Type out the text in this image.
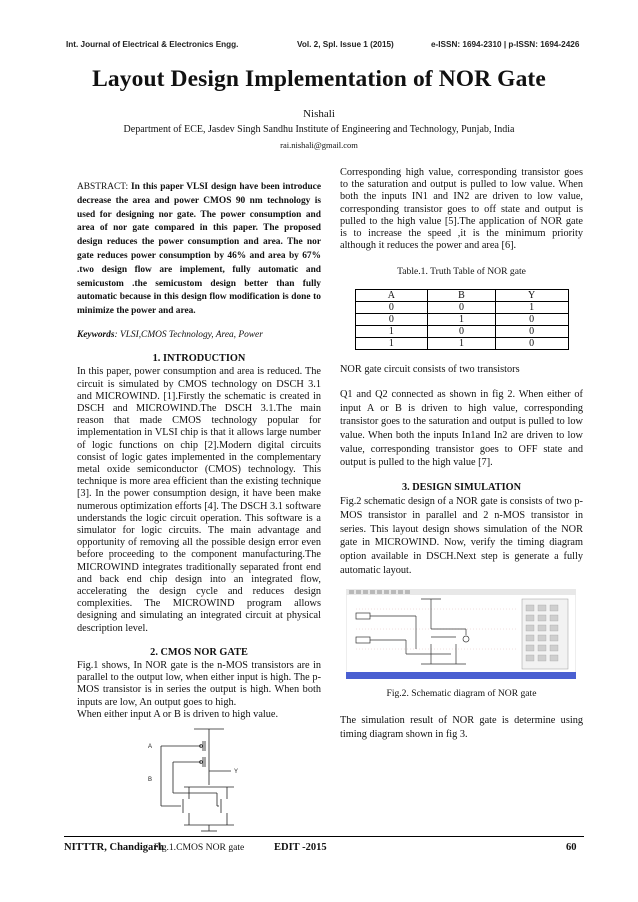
Int. Journal of Electrical & Electronics Engg.	Vol. 2, Spl. Issue 1 (2015)	e-ISSN: 1694-2310 | p-ISSN: 1694-2426
Layout Design Implementation of NOR Gate
Nishali
Department of ECE, Jasdev Singh Sandhu Institute of Engineering and Technology, Punjab, India
rai.nishali@gmail.com
ABSTRACT: In this paper VLSI design have been introduce decrease the area and power CMOS 90 nm technology is used for designing nor gate. The power consumption and area of nor gate compared in this paper. The proposed design reduces the power consumption and area. The nor gate reduces power consumption by 46% and area by 67% .two design flow are implement, fully automatic and semicustom .the semicustom design better than fully automatic because in this design flow modification is done to minimize the power and area.
Keywords: VLSI,CMOS Technology, Area, Power
1. INTRODUCTION

In this paper, power consumption and area is reduced. The circuit is simulated by CMOS technology on DSCH 3.1 and MICROWIND. [1].Firstly the schematic is created in DSCH and MICROWIND.The DSCH 3.1.The main reason that made CMOS technology popular for implementation in VLSI chip is that it allows large number of logic functions on chip [2].Modern digital circuits consist of logic gates implemented in the complementary metal oxide semiconductor (CMOS) technology. This technique is more area efficient than the existing technique [3]. In the power consumption design, it have been make numerous optimization efforts [4]. The DSCH 3.1 software understands the logic circuit operation. This software is a simulator for logic circuits. The main advantage and opportunity of removing all the possible design error even before proceeding to the component manufacturing.The MICROWIND integrates traditionally separated front end and back end chip design into an integrated flow, accelerating the design cycle and reduces design complexities. The MICROWIND program allows designing and simulating an integrated circuit at physical description level.

2. CMOS NOR GATE

Fig.1 shows, In NOR gate is the n-MOS transistors are in parallel to the output low, when either input is high. The p-MOS transistor is in series the output is high. When both inputs are low, An output goes to high.

When either input A or B is driven to high value.

A
B
Y
Fig.1.CMOS NOR gate

Corresponding high value, corresponding transistor goes to the saturation and output is pulled to low value. When both the inputs IN1 and IN2 are driven to low value, corresponding transistor goes to off state and output is pulled to the high value [5].The application of NOR gate is to increase the speed ,it is the minimum priority although it reduces the power and area [6].

Table.1. Truth Table of NOR gate
A	B	Y
0	0	1
0	1	0
1	0	0
1	1	0

NOR gate circuit consists of two transistors

Q1 and Q2 connected as shown in fig 2. When either of input A or B is driven to high value, corresponding transistor goes to the saturation and output is pulled to low value. When both the inputs In1and In2 are driven to low value, corresponding transistor goes to OFF state and output is pulled to the high value [7].

3. DESIGN SIMULATION

Fig.2 schematic design of a NOR gate is consists of two p-MOS transistor in parallel and 2 n-MOS transistor in series. This layout design shows simulation of the NOR gate in MICROWIND. Now, verify the timing diagram option available in DSCH.Next step is generate a fully automatic layout.

Fig.2. Schematic diagram of NOR gate

The simulation result of NOR gate is determine using timing diagram shown in fig 3.

NITTTR, Chandigarh	EDIT -2015	60
